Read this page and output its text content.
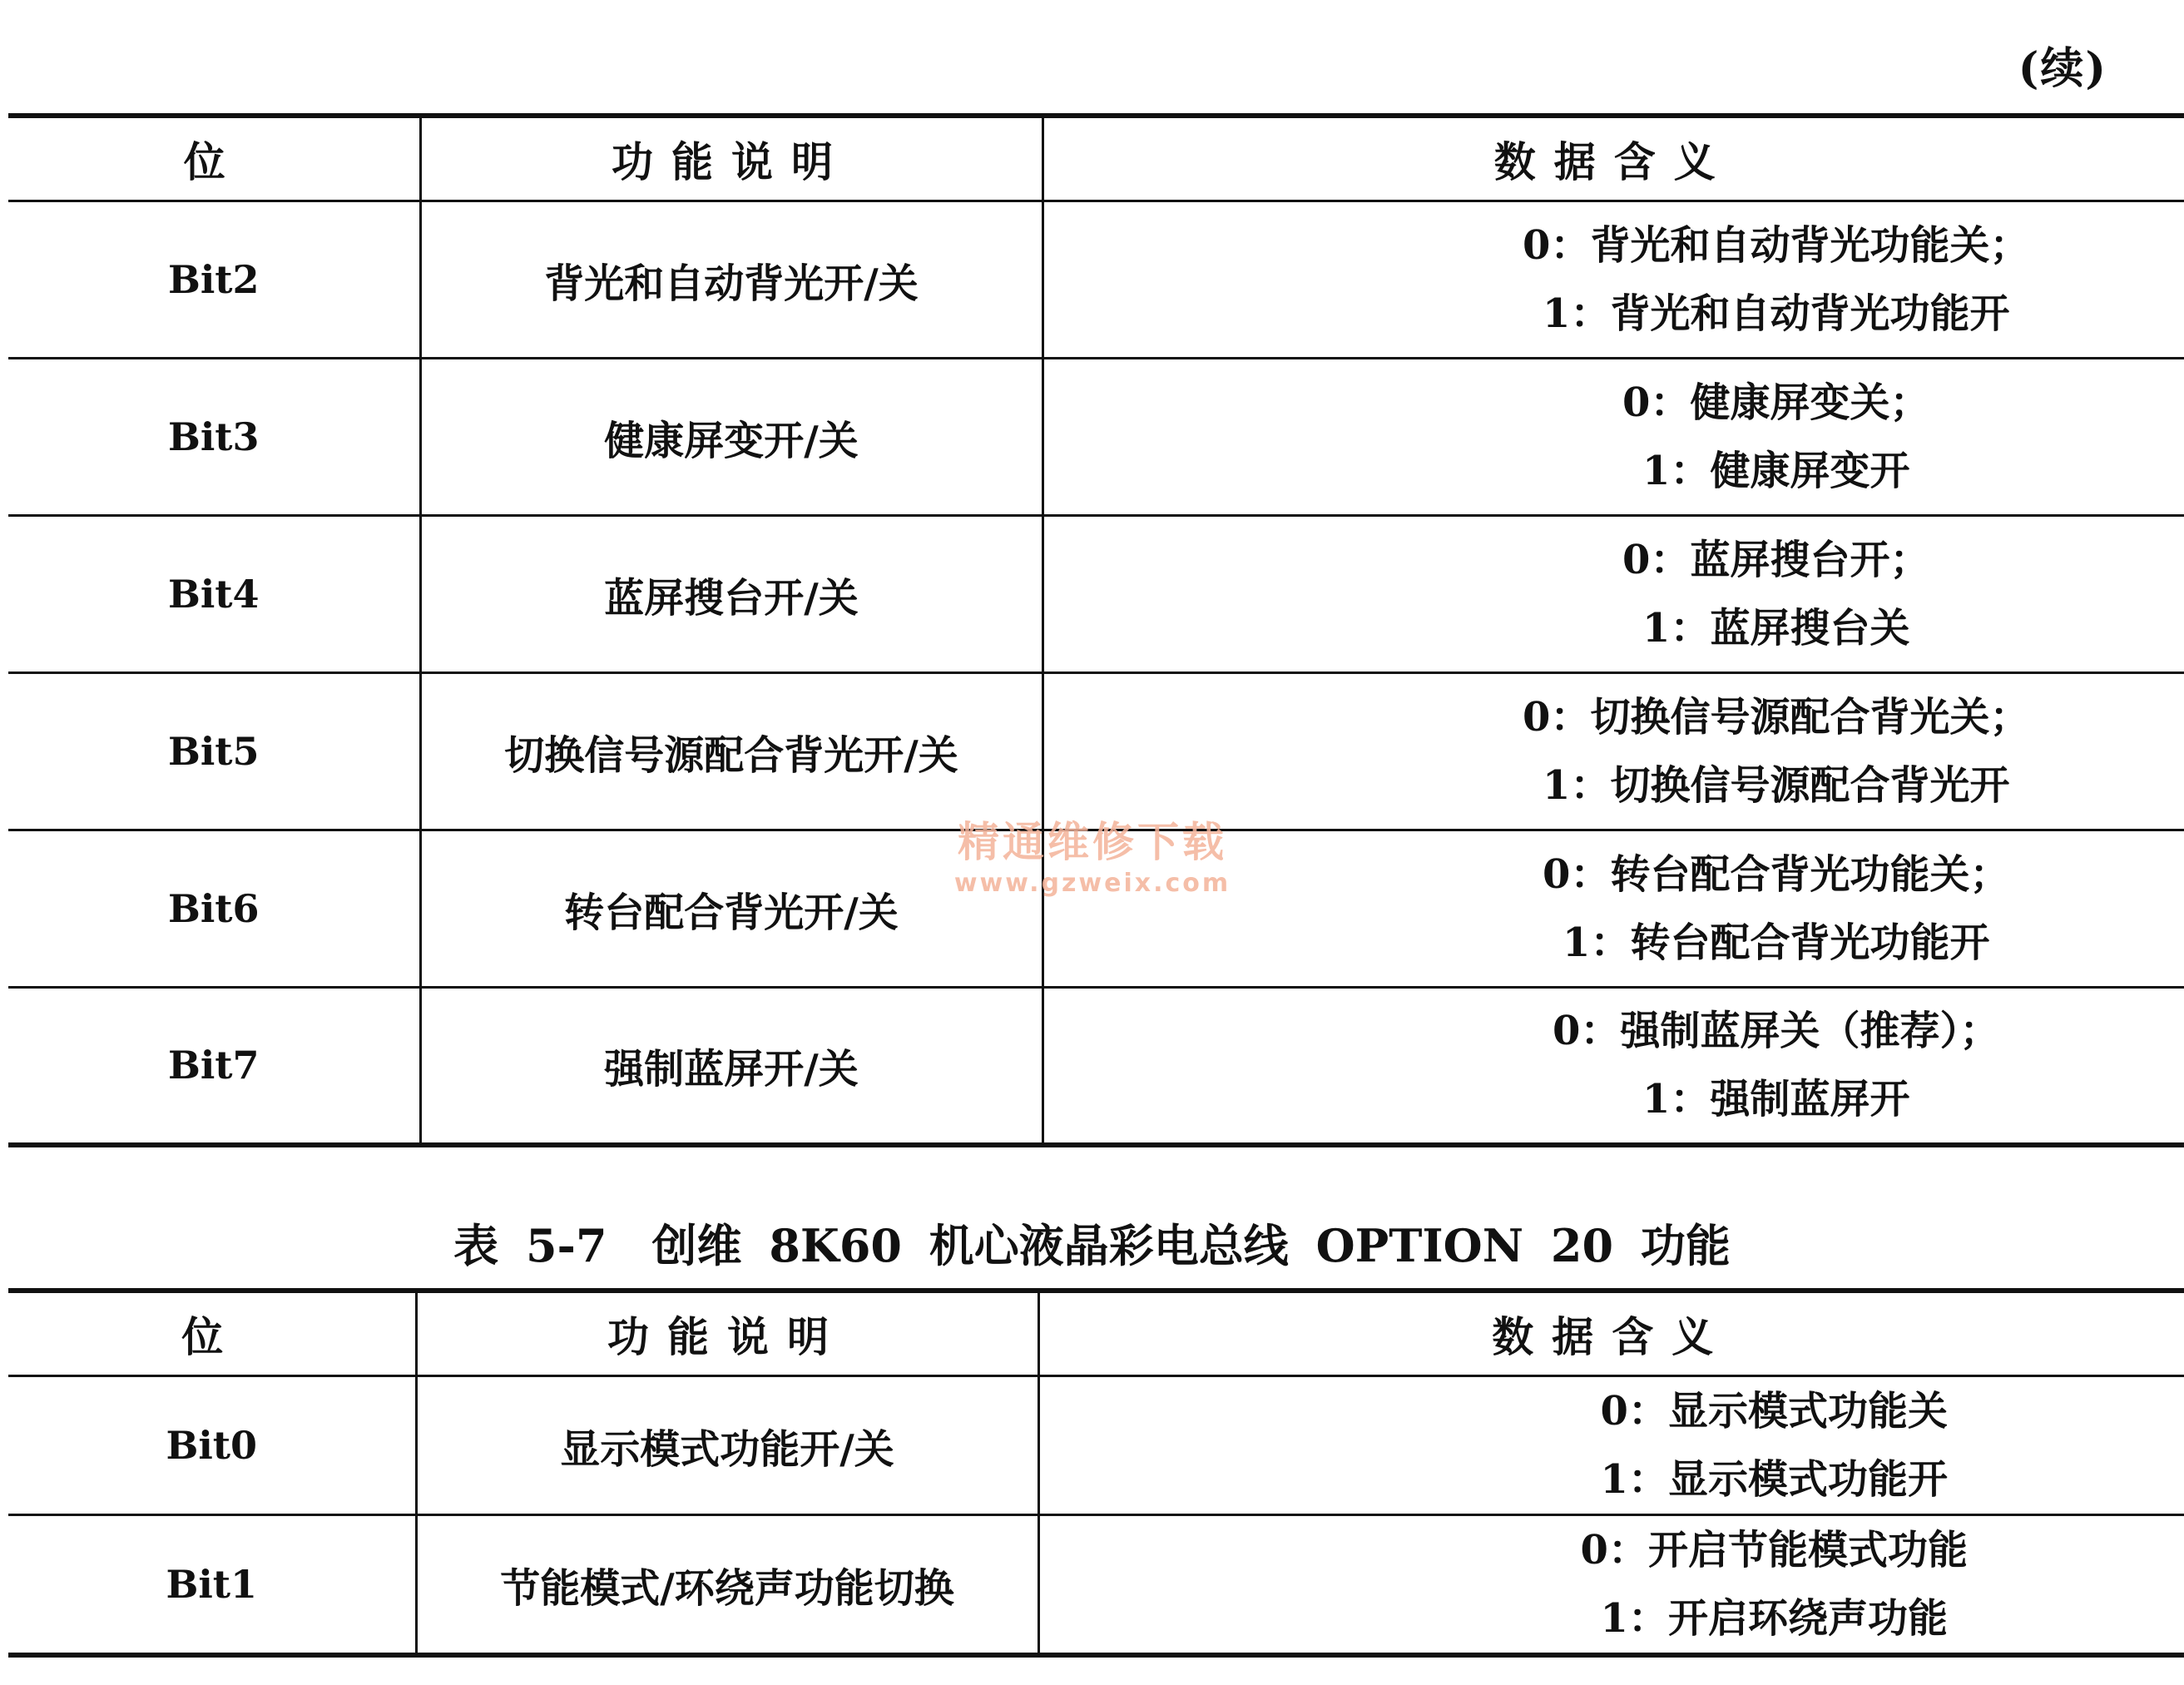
(续)
位	功能说明	数据含义
Bit2	背光和自动背光开/关	0：背光和自动背光功能关；
1：背光和自动背光功能开

Bit3	健康屏变开/关	0：健康屏变关；
1：健康屏变开

Bit4	蓝屏搜台开/关	0：蓝屏搜台开；
1：蓝屏搜台关

Bit5	切换信号源配合背光开/关	0：切换信号源配合背光关；
1：切换信号源配合背光开

Bit6	转台配合背光开/关	0：转台配合背光功能关；
1：转台配合背光功能开

Bit7	强制蓝屏开/关	0：强制蓝屏关（推荐）；
1：强制蓝屏开
精通维修下载
www.gzweix.com
表 5-7　创维 8K60 机心液晶彩电总线 OPTION 20 功能
位	功能说明	数据含义
Bit0	显示模式功能开/关	0：显示模式功能关
1：显示模式功能开

Bit1	节能模式/环绕声功能切换	0：开启节能模式功能
1：开启环绕声功能
